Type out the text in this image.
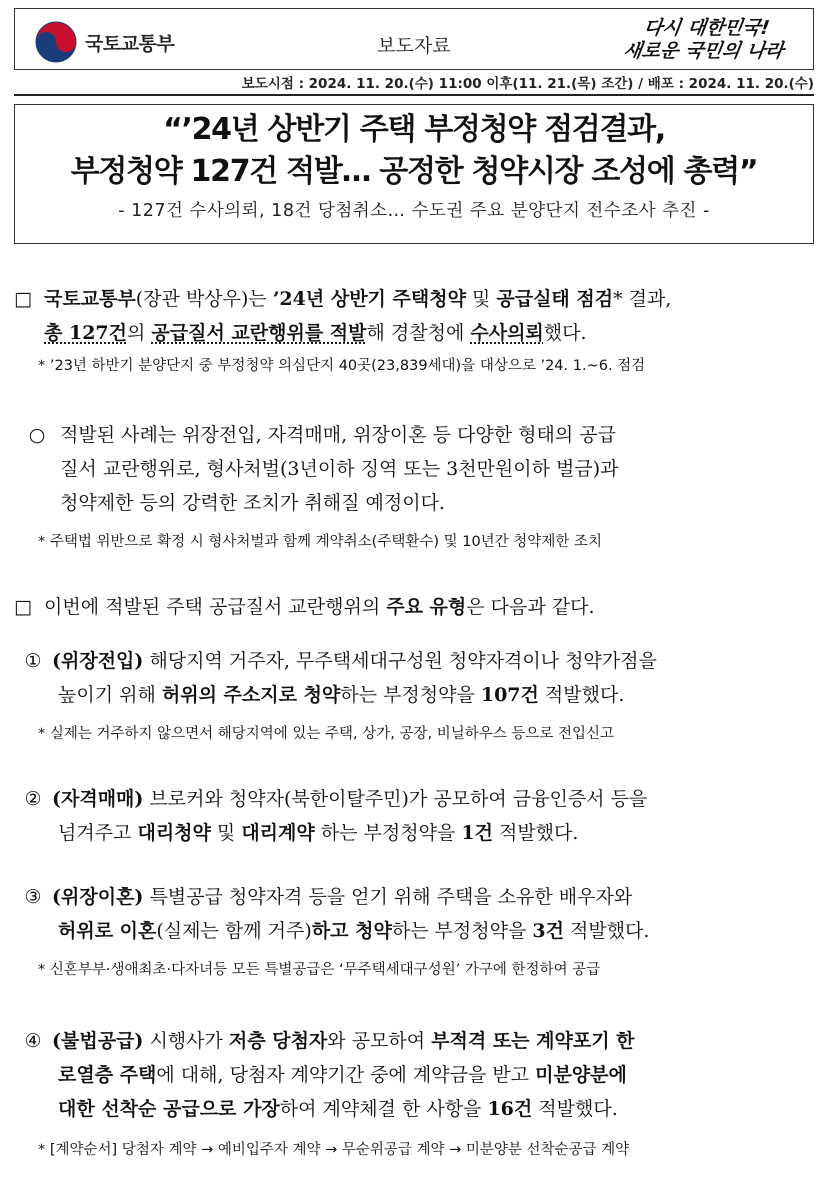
국토교통부	보도자료
다시 대한민국!
새로운 국민의 나라
보도시점 : 2024. 11. 20.(수) 11:00 이후(11. 21.(목) 조간) / 배포 : 2024. 11. 20.(수)
“’24년 상반기 주택 부정청약 점검결과,
부정청약 127건 적발… 공정한 청약시장 조성에 총력”
- 127건 수사의뢰, 18건 당첨취소… 수도권 주요 분양단지 전수조사 추진 -
□ 국토교통부(장관 박상우)는 ’24년 상반기 주택청약 및 공급실태 점검* 결과,
총 127건의 공급질서 교란행위를 적발해 경찰청에 수사의뢰했다.
* ’23년 하반기 분양단지 중 부정청약 의심단지 40곳(23,839세대)을 대상으로 ’24. 1.~6. 점검
○ 적발된 사례는 위장전입, 자격매매, 위장이혼 등 다양한 형태의 공급
질서 교란행위로, 형사처벌(3년이하 징역 또는 3천만원이하 벌금)과
청약제한 등의 강력한 조치가 취해질 예정이다.
* 주택법 위반으로 확정 시 형사처벌과 함께 계약취소(주택환수) 및 10년간 청약제한 조치
□ 이번에 적발된 주택 공급질서 교란행위의 주요 유형은 다음과 같다.
① (위장전입) 해당지역 거주자, 무주택세대구성원 청약자격이나 청약가점을
높이기 위해 허위의 주소지로 청약하는 부정청약을 107건 적발했다.
* 실제는 거주하지 않으면서 해당지역에 있는 주택, 상가, 공장, 비닐하우스 등으로 전입신고
② (자격매매) 브로커와 청약자(북한이탈주민)가 공모하여 금융인증서 등을
넘겨주고 대리청약 및 대리계약 하는 부정청약을 1건 적발했다.
③ (위장이혼) 특별공급 청약자격 등을 얻기 위해 주택을 소유한 배우자와
허위로 이혼(실제는 함께 거주)하고 청약하는 부정청약을 3건 적발했다.
* 신혼부부·생애최초·다자녀등 모든 특별공급은 ‘무주택세대구성원’ 가구에 한정하여 공급
④ (불법공급) 시행사가 저층 당첨자와 공모하여 부적격 또는 계약포기 한
로열층 주택에 대해, 당첨자 계약기간 중에 계약금을 받고 미분양분에
대한 선착순 공급으로 가장하여 계약체결 한 사항을 16건 적발했다.
* [계약순서] 당첨자 계약 → 예비입주자 계약 → 무순위공급 계약 → 미분양분 선착순공급 계약
